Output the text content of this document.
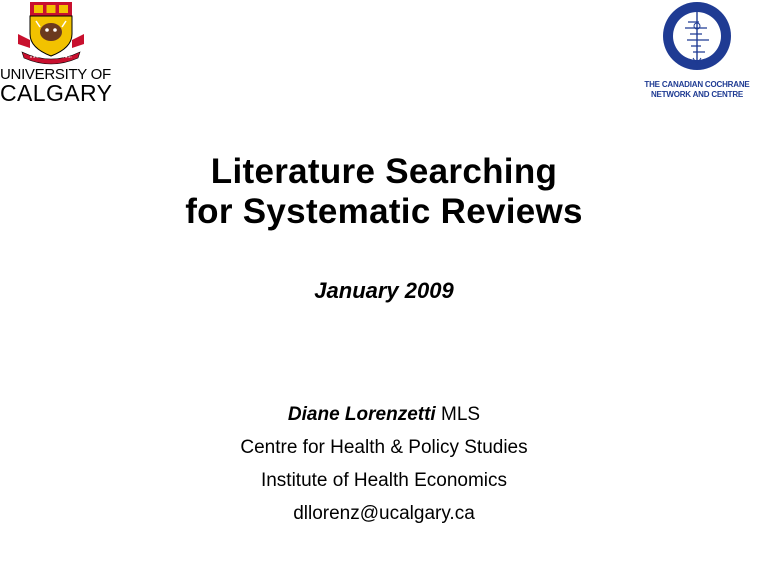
UNIVERSITY OF
CALGARY	THE CANADIAN COCHRANE
NETWORK AND CENTRE
Literature Searching
for Systematic Reviews
January 2009
Diane Lorenzetti MLS
Centre for Health & Policy Studies
Institute of Health Economics
dllorenz@ucalgary.ca
